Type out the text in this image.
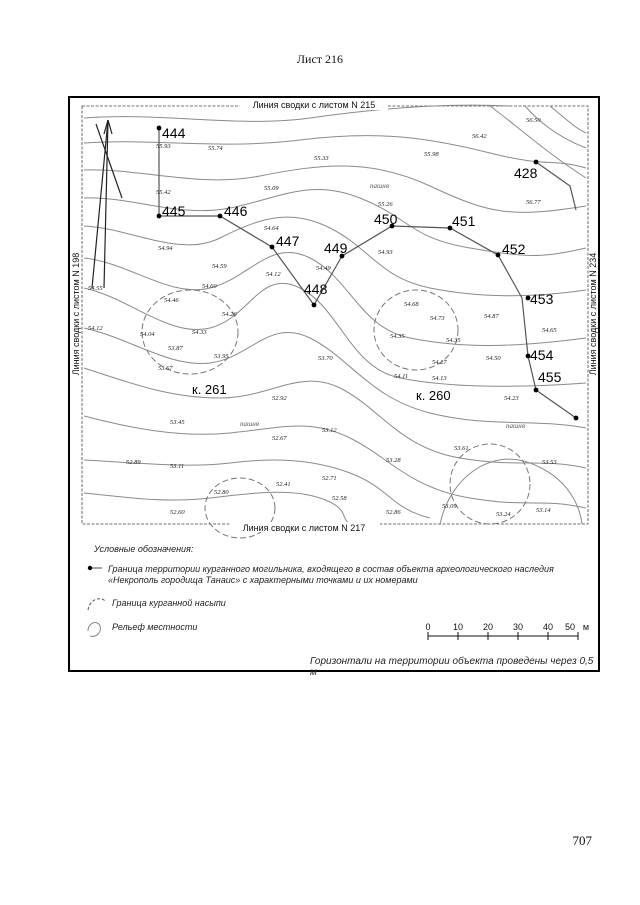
Лист 216
444
445	446
447
448
449
450	451
452
453
454
455
428
к. 261	к. 260
пашня
пашня	пашня
55.93	55.74
55.42
54.94
54.55
54.46
54.12
54.04
53.87
53.67
54.33
53.95
54.26
54.60
54.59
54.64
54.12
55.09
55.33
55.26
55.98
56.42
56.50
56.77
54.49
54.93
54.68
54.73
54.35
54.35
54.27
54.11	54.13
54.50
54.87
54.23
54.65
53.70
52.92
52.67
53.12
53.45
52.89
53.11
52.80
52.41
52.71
52.58
52.60
53.28
52.86
53.09
53.61
53.24
53.14
53.53
Линия сводки с листом N 215
Линия сводки с листом N 217
Линия сводки с листом N 198	Линия сводки с листом N 234
0 10 20 30 40 50 м
Условные обозначения:
Граница территории курганного могильника, входящего в состав объекта археологического наследия «Некрополь городища Танаис» с характерными точками и их номерами
Граница курганной насыпи
Рельеф местности
Горизонтали на территории объекта проведены через 0,5 м
707
